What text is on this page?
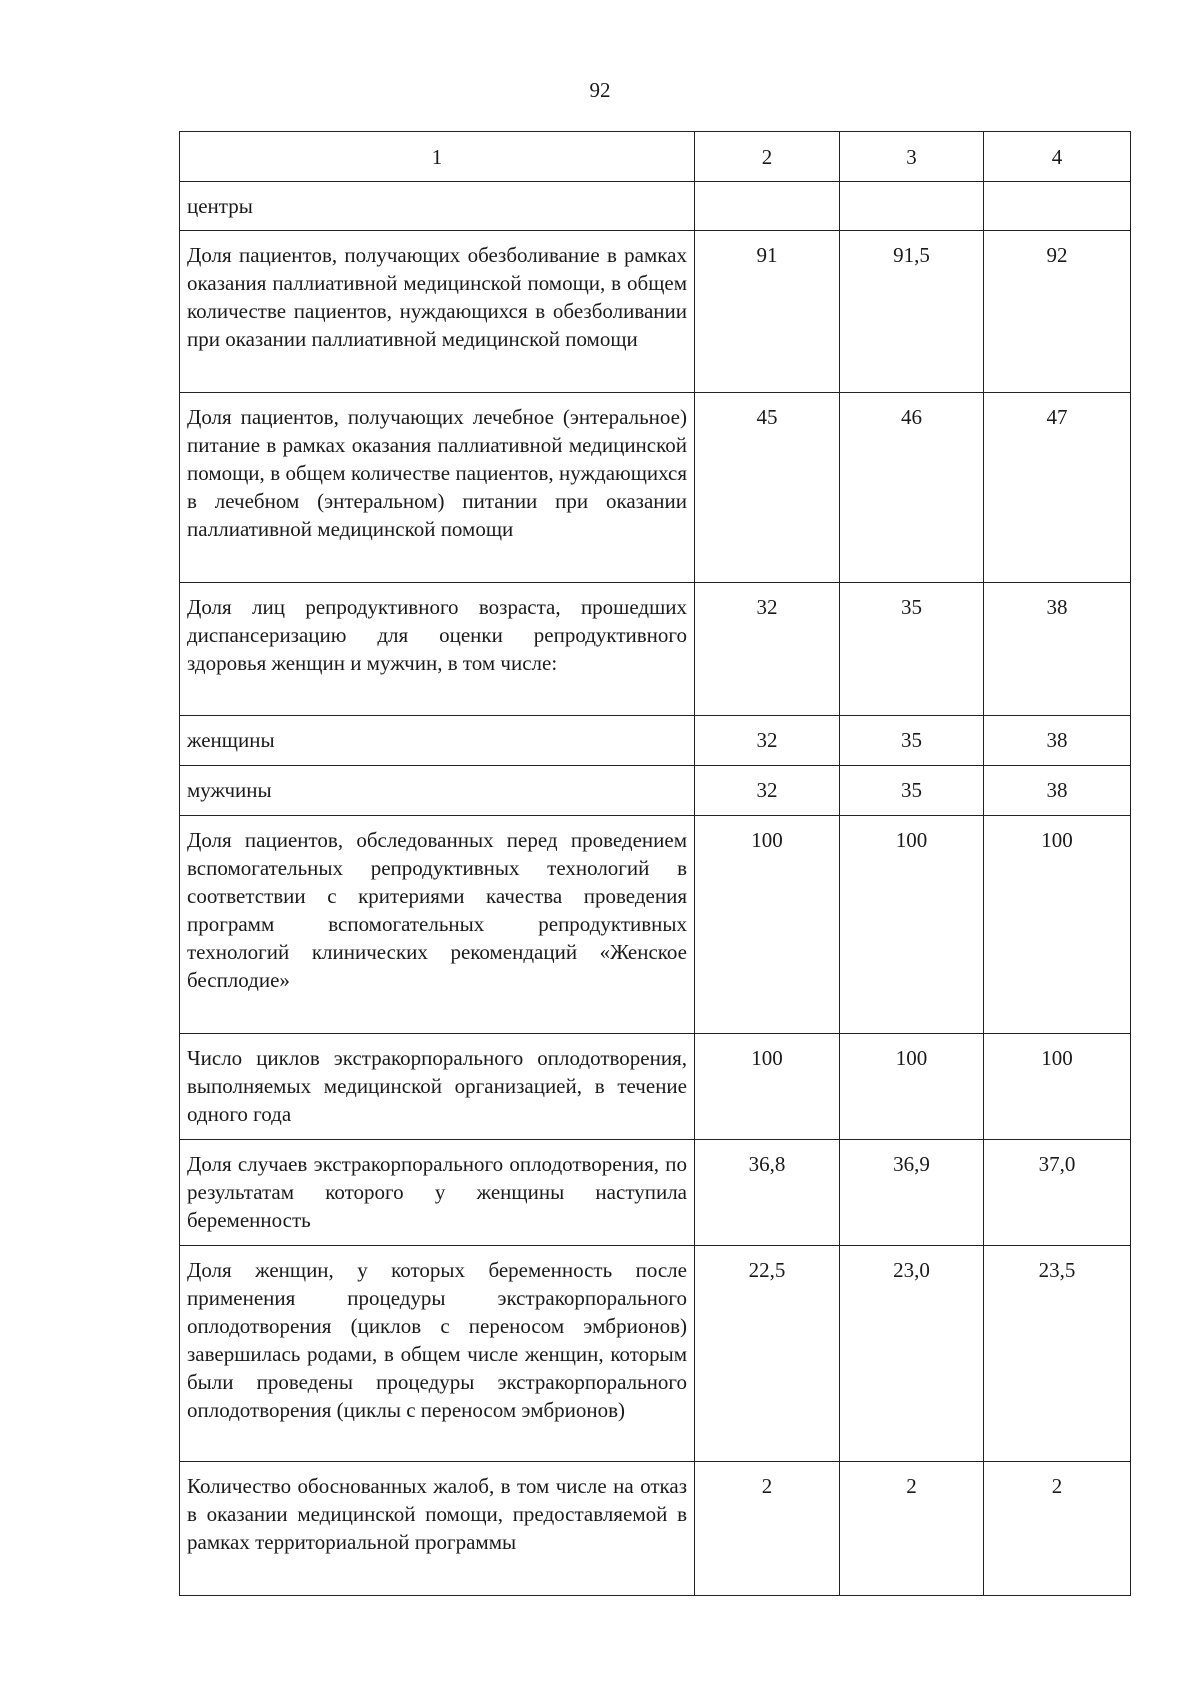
92
1	2	3	4
центры			
Доля пациентов, получающих обезболивание в рамках оказания паллиативной медицинской помощи, в общем количестве пациентов, нуждающихся в обезболивании при оказании паллиативной медицинской помощи	91	91,5	92
Доля пациентов, получающих лечебное (энтеральное) питание в рамках оказания паллиативной медицинской помощи, в общем количестве пациентов, нуждающихся в лечебном (энтеральном) питании при оказании паллиативной медицинской помощи	45	46	47
Доля лиц репродуктивного возраста, прошедших диспансеризацию для оценки репродуктивного здоровья женщин и мужчин, в том числе:	32	35	38
женщины	32	35	38
мужчины	32	35	38
Доля пациентов, обследованных перед проведением вспомогательных репродуктивных технологий в соответствии с критериями качества проведения программ вспомогательных репродуктивных технологий клинических рекомендаций «Женское бесплодие»	100	100	100
Число циклов экстракорпорального оплодотворения, выполняемых медицинской организацией, в течение одного года	100	100	100
Доля случаев экстракорпорального оплодотворения, по результатам которого у женщины наступила беременность	36,8	36,9	37,0
Доля женщин, у которых беременность после применения процедуры экстракорпорального оплодотворения (циклов с переносом эмбрионов) завершилась родами, в общем числе женщин, которым были проведены процедуры экстракорпорального оплодотворения (циклы с переносом эмбрионов)	22,5	23,0	23,5
Количество обоснованных жалоб, в том числе на отказ в оказании медицинской помощи, предоставляемой в рамках территориальной программы	2	2	2
